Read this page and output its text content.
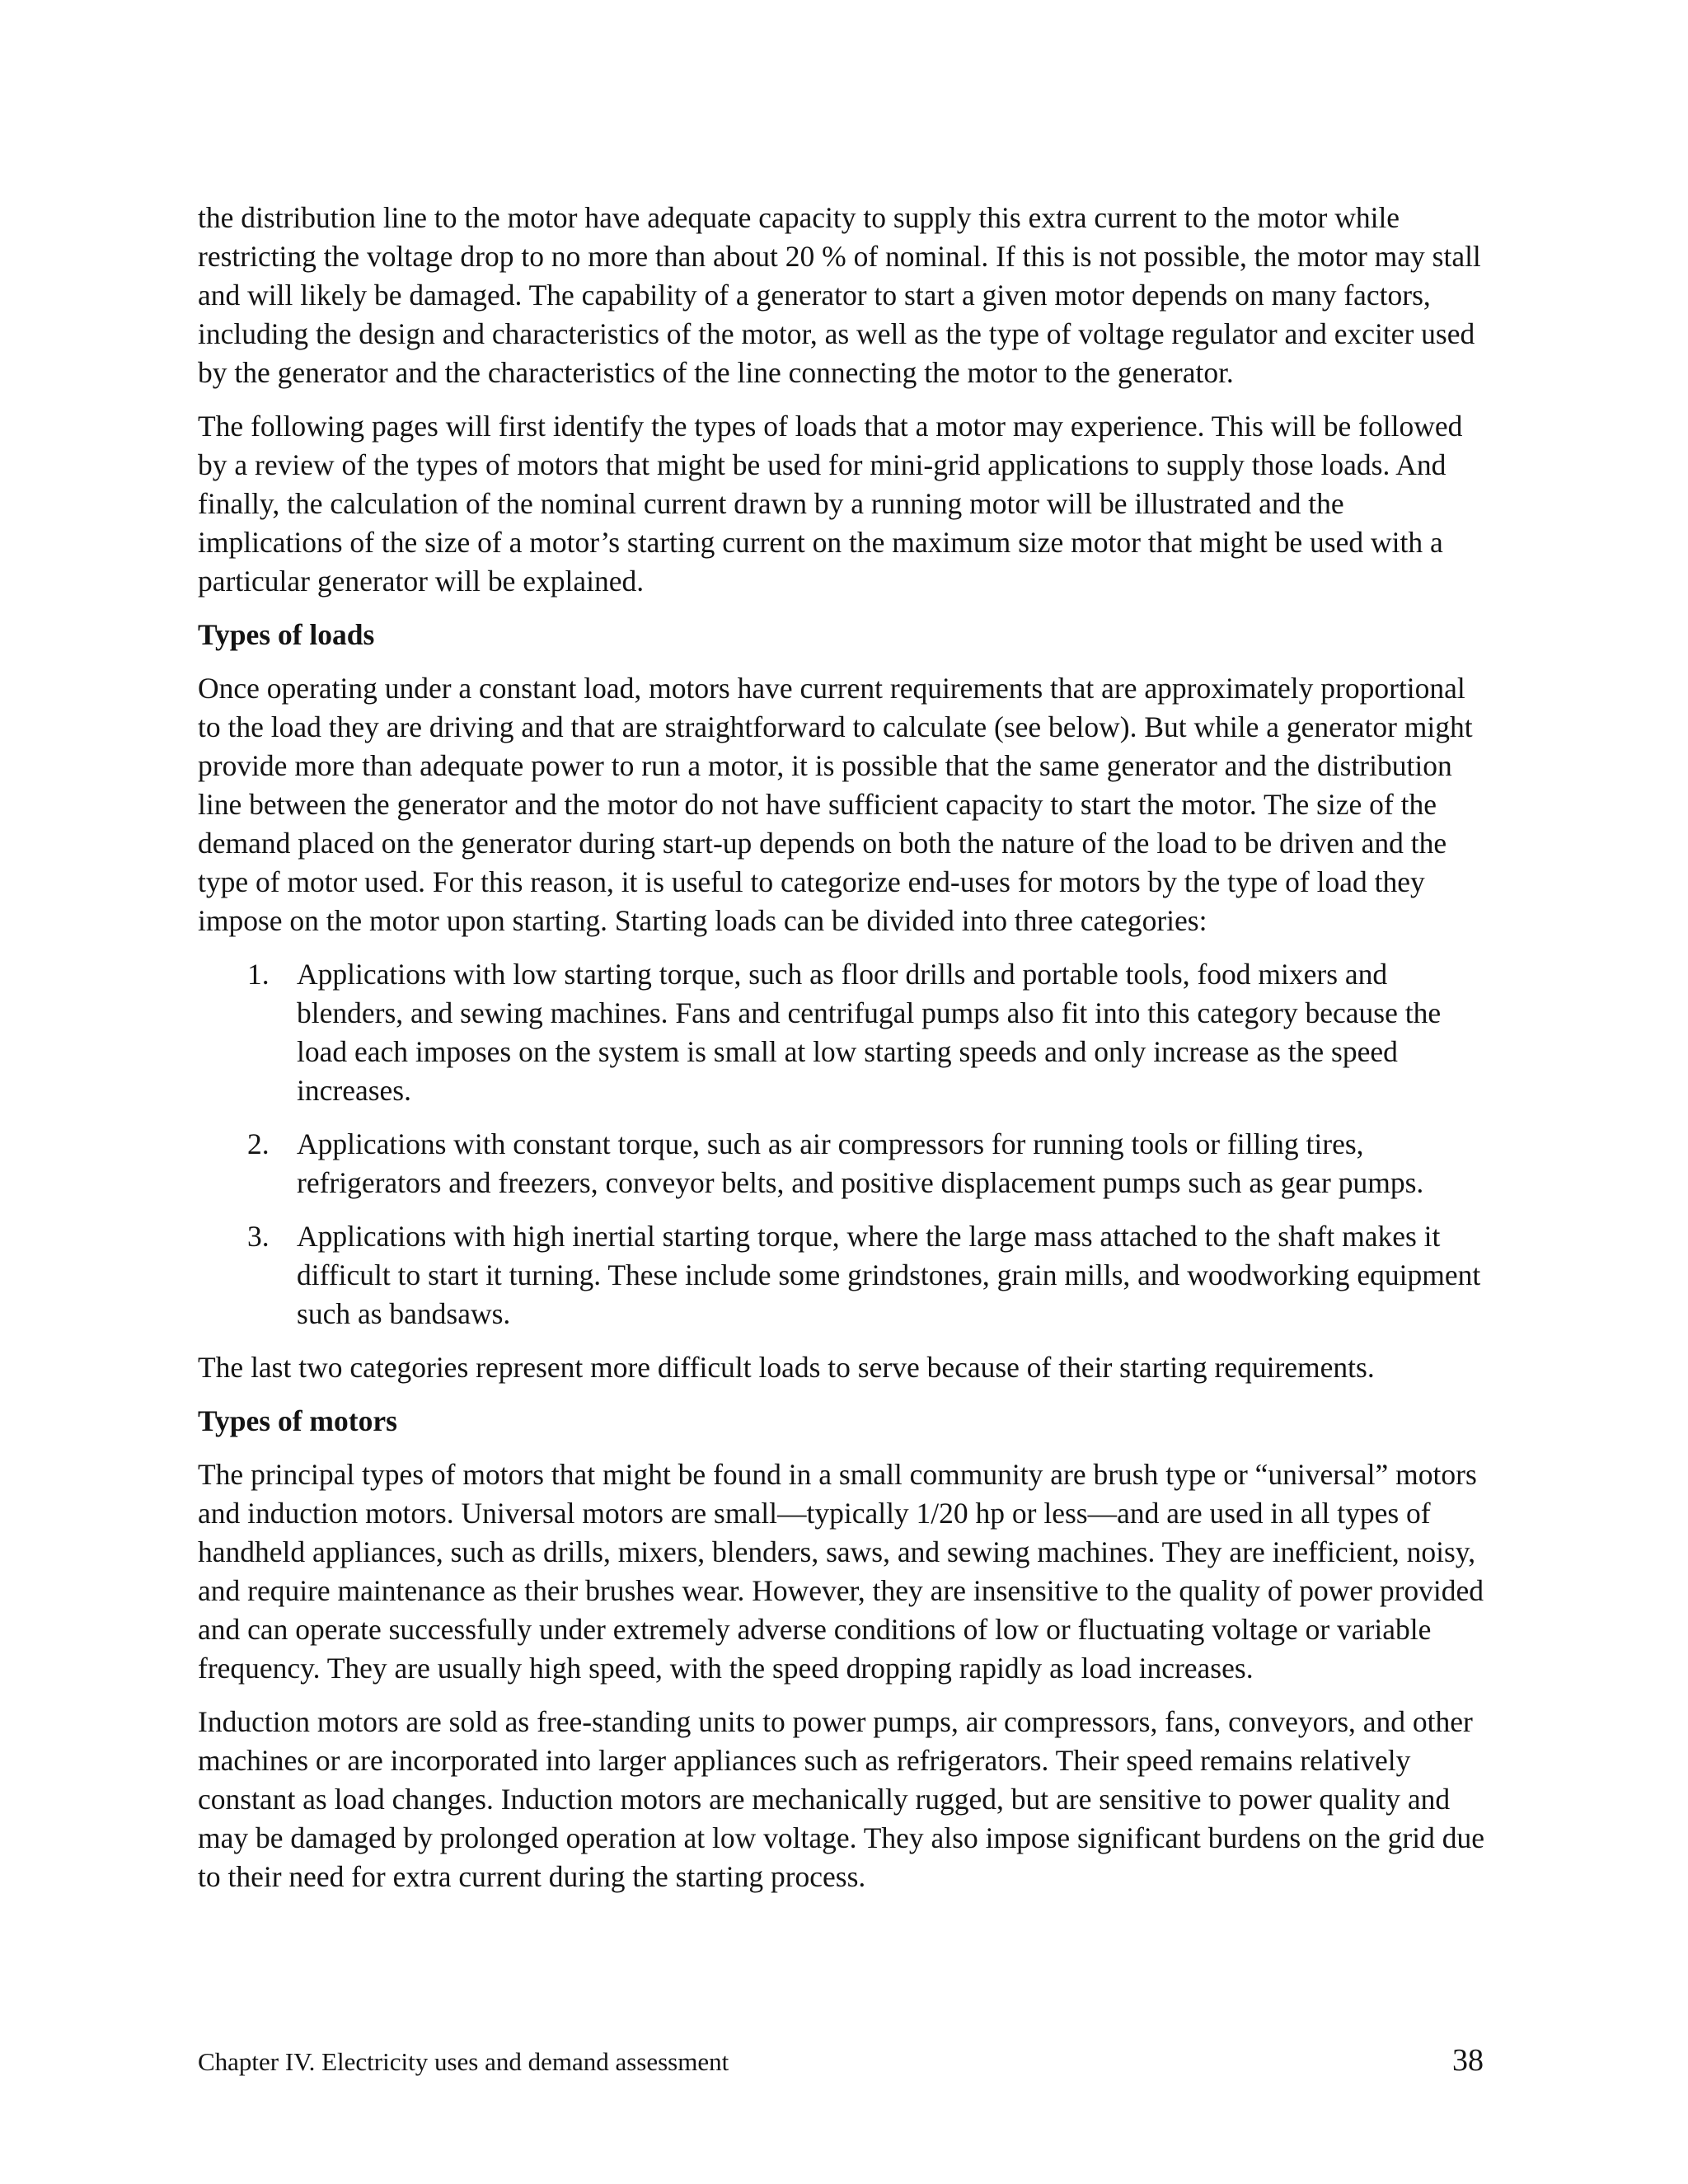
the distribution line to the motor have adequate capacity to supply this extra current to the motor while restricting the voltage drop to no more than about 20 % of nominal. If this is not possible, the motor may stall and will likely be damaged. The capability of a generator to start a given motor depends on many factors, including the design and characteristics of the motor, as well as the type of voltage regulator and exciter used by the generator and the characteristics of the line connecting the motor to the generator.

The following pages will first identify the types of loads that a motor may experience. This will be followed by a review of the types of motors that might be used for mini-grid applications to supply those loads. And finally, the calculation of the nominal current drawn by a running motor will be illustrated and the implications of the size of a motor’s starting current on the maximum size motor that might be used with a particular generator will be explained.

Types of loads

Once operating under a constant load, motors have current requirements that are approximately proportional to the load they are driving and that are straightforward to calculate (see below). But while a generator might provide more than adequate power to run a motor, it is possible that the same generator and the distribution line between the generator and the motor do not have sufficient capacity to start the motor. The size of the demand placed on the generator during start-up depends on both the nature of the load to be driven and the type of motor used. For this reason, it is useful to categorize end-uses for motors by the type of load they impose on the motor upon starting. Starting loads can be divided into three categories:

1. Applications with low starting torque, such as floor drills and portable tools, food mixers and blenders, and sewing machines. Fans and centrifugal pumps also fit into this category because the load each imposes on the system is small at low starting speeds and only increase as the speed increases.
2. Applications with constant torque, such as air compressors for running tools or filling tires, refrigerators and freezers, conveyor belts, and positive displacement pumps such as gear pumps.
3. Applications with high inertial starting torque, where the large mass attached to the shaft makes it difficult to start it turning. These include some grindstones, grain mills, and woodworking equipment such as bandsaws.

The last two categories represent more difficult loads to serve because of their starting requirements.

Types of motors

The principal types of motors that might be found in a small community are brush type or “universal” motors and induction motors. Universal motors are small—typically 1/20 hp or less—and are used in all types of handheld appliances, such as drills, mixers, blenders, saws, and sewing machines. They are inefficient, noisy, and require maintenance as their brushes wear. However, they are insensitive to the quality of power provided and can operate successfully under extremely adverse conditions of low or fluctuating voltage or variable frequency. They are usually high speed, with the speed dropping rapidly as load increases.

Induction motors are sold as free-standing units to power pumps, air compressors, fans, conveyors, and other machines or are incorporated into larger appliances such as refrigerators. Their speed remains relatively constant as load changes. Induction motors are mechanically rugged, but are sensitive to power quality and may be damaged by prolonged operation at low voltage. They also impose significant burdens on the grid due to their need for extra current during the starting process.

Chapter IV. Electricity uses and demand assessment	38
